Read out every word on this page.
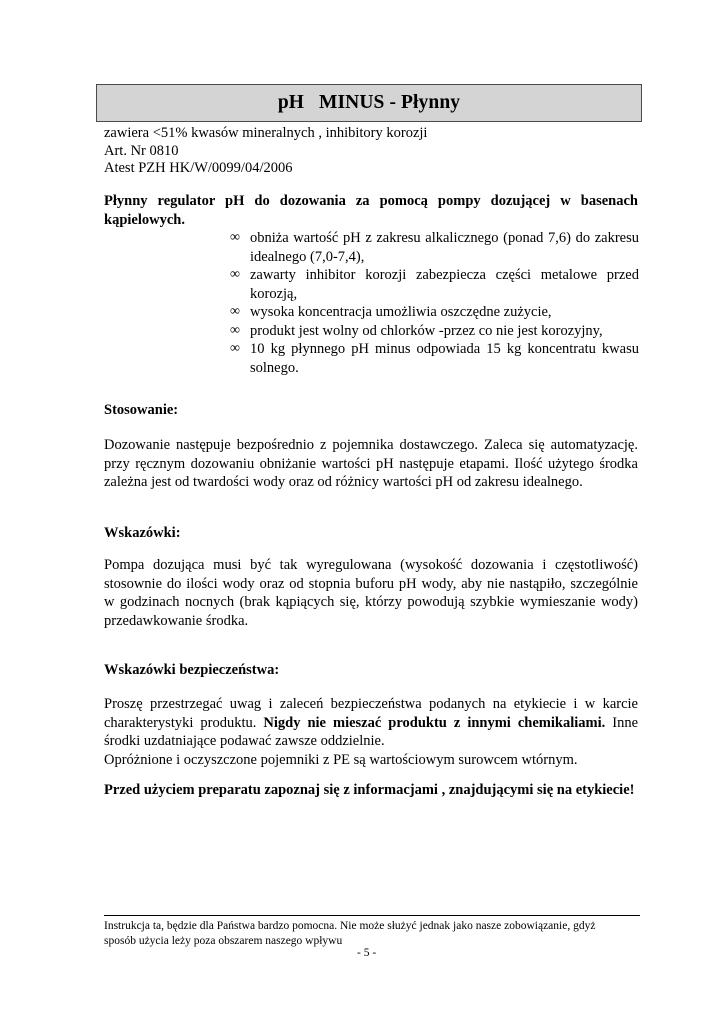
pH   MINUS - Płynny
zawiera <51% kwasów mineralnych , inhibitory korozji
Art. Nr 0810
Atest PZH HK/W/0099/04/2006
Płynny regulator pH do dozowania za pomocą pompy dozującej w basenach kąpielowych.
∞ obniża wartość pH z zakresu alkalicznego (ponad 7,6) do zakresu idealnego (7,0-7,4),
∞ zawarty inhibitor korozji zabezpiecza części metalowe przed korozją,
∞ wysoka koncentracja umożliwia oszczędne zużycie,
∞ produkt jest wolny od chlorków -przez co nie jest korozyjny,
∞ 10 kg płynnego pH minus odpowiada 15 kg koncentratu kwasu solnego.
Stosowanie:
Dozowanie następuje bezpośrednio z pojemnika dostawczego. Zaleca się automatyzację.
przy ręcznym dozowaniu obniżanie wartości pH następuje etapami. Ilość użytego środka
zależna jest od twardości wody oraz od różnicy wartości pH od zakresu idealnego.
Wskazówki:
Pompa dozująca musi być tak wyregulowana (wysokość dozowania i częstotliwość)
stosownie do ilości wody oraz od stopnia buforu pH wody, aby nie nastąpiło, szczególnie
w godzinach nocnych (brak kąpiących się, którzy powodują szybkie wymieszanie wody)
przedawkowanie środka.
Wskazówki bezpieczeństwa:
Proszę przestrzegać uwag i zaleceń bezpieczeństwa podanych na etykiecie i w karcie
charakterystyki produktu. Nigdy nie mieszać produktu z innymi chemikaliami. Inne
środki uzdatniające podawać zawsze oddzielnie.
Opróżnione i oczyszczone pojemniki z PE są wartościowym surowcem wtórnym.
Przed użyciem preparatu zapoznaj się z informacjami , znajdującymi się na etykiecie!
Instrukcja ta, będzie dla Państwa bardzo pomocna. Nie może służyć jednak jako nasze zobowiązanie, gdyż
sposób użycia leży poza obszarem naszego wpływu
- 5 -
